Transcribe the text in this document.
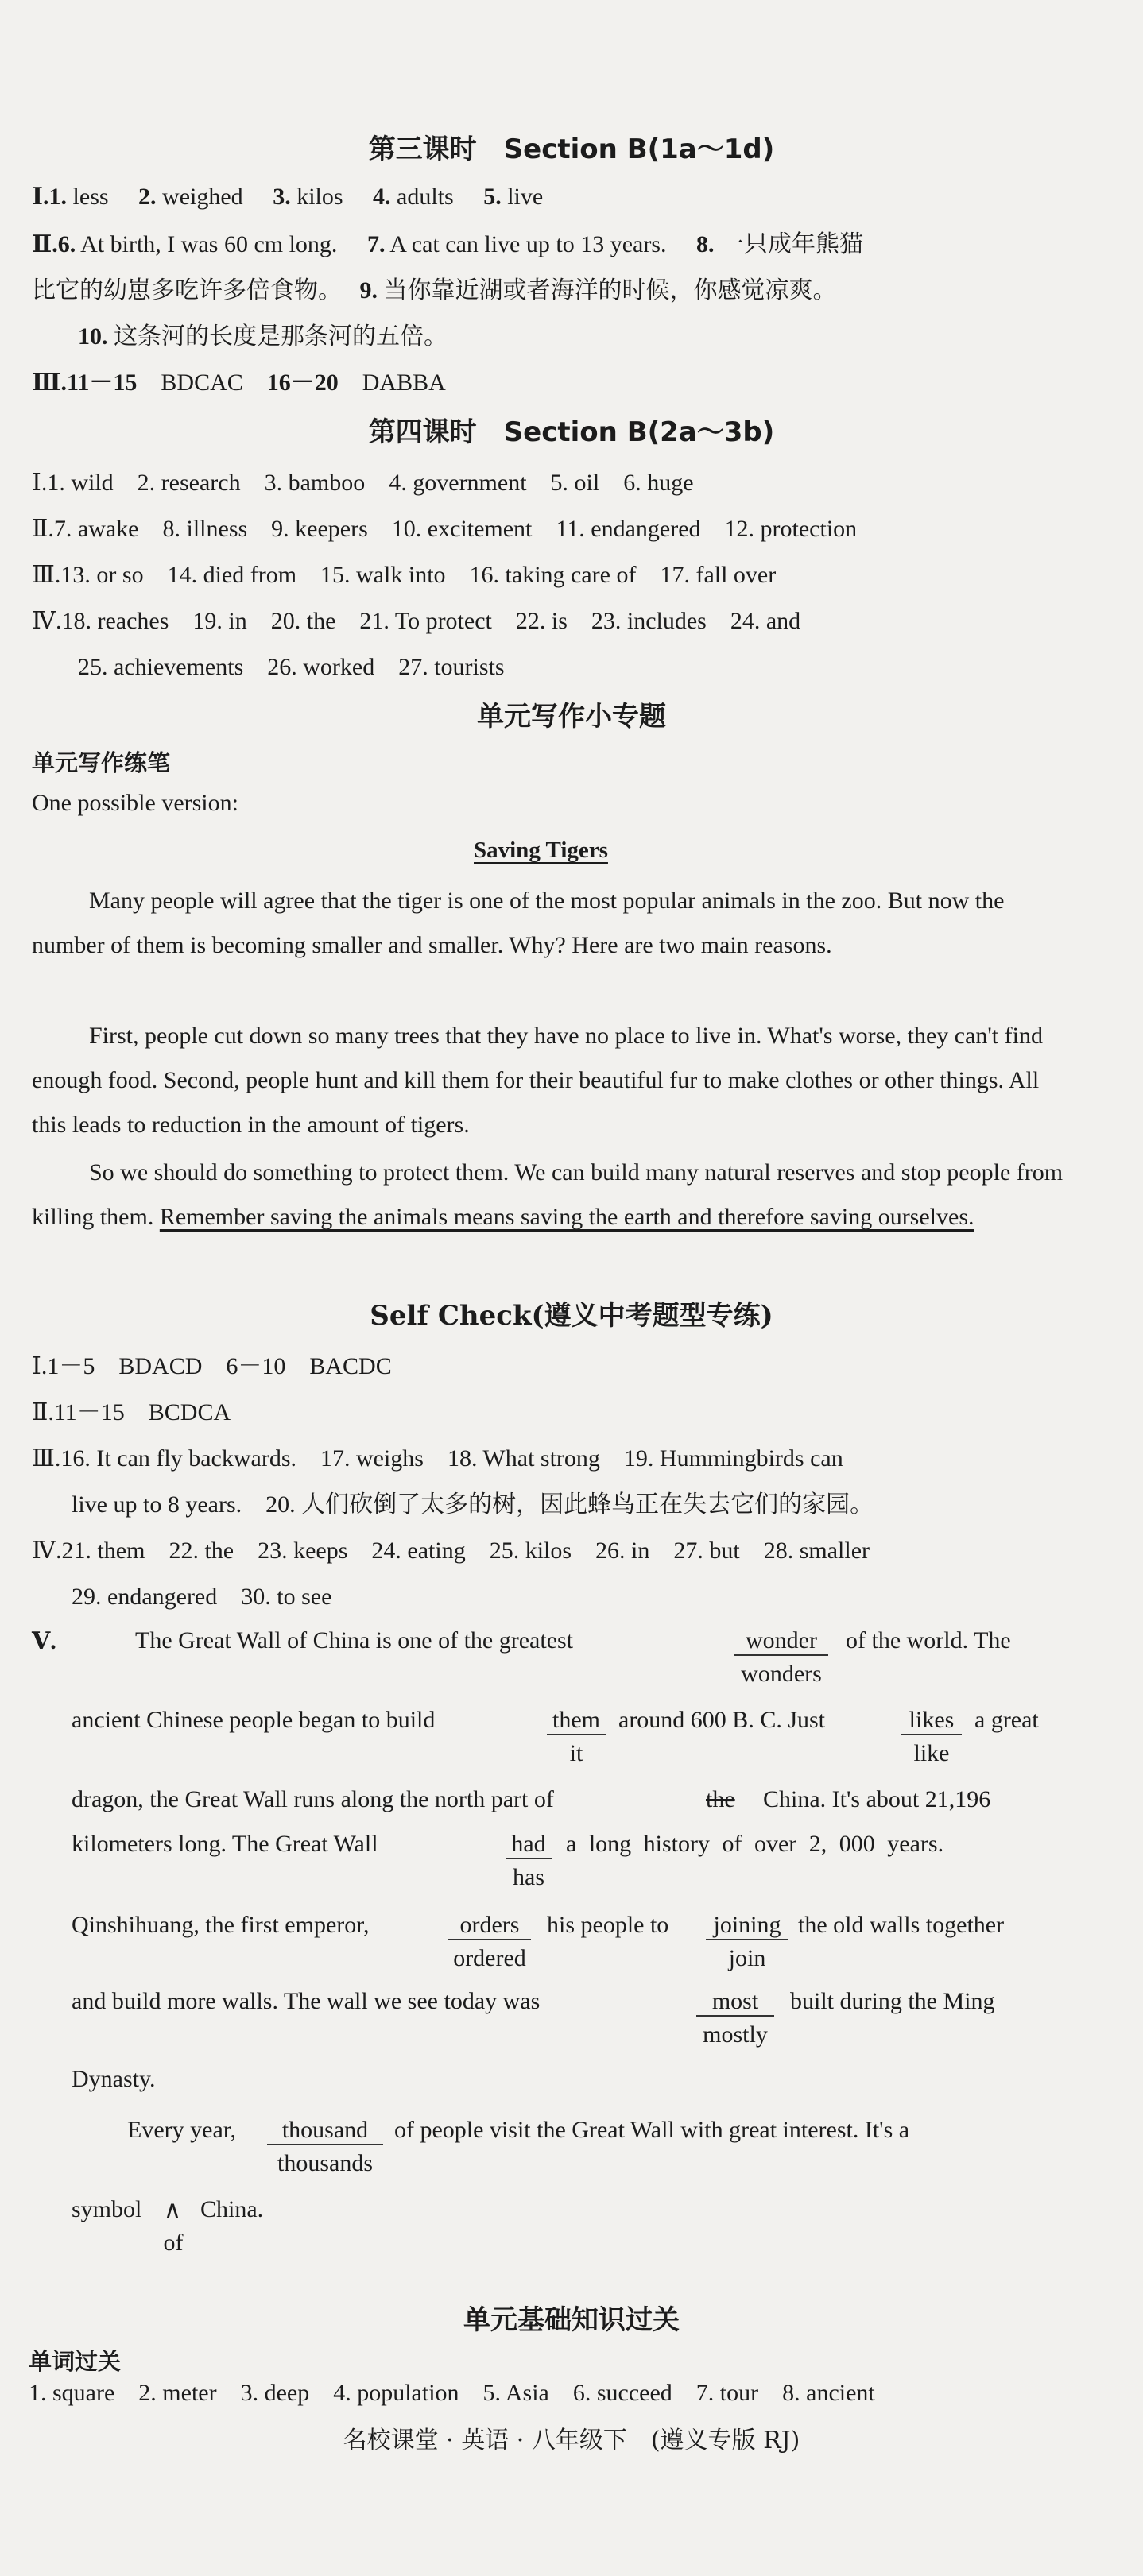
第三课时　Section B(1a～1d)
Ⅰ.1. less　 2. weighed　 3. kilos　 4. adults　 5. live
Ⅱ.6. At birth, I was 60 cm long.　 7. A cat can live up to 13 years.　 8. 一只成年熊猫
比它的幼崽多吃许多倍食物。　 9. 当你靠近湖或者海洋的时候，你感觉凉爽。
10. 这条河的长度是那条河的五倍。
Ⅲ.11－15　 BDCAC　 16－20　 DABBA
第四课时　Section B(2a～3b)
Ⅰ.1. wild　2. research　3. bamboo　4. government　5. oil　6. huge
Ⅱ.7. awake　8. illness　9. keepers　10. excitement　11. endangered　12. protection
Ⅲ.13. or so　14. died from　15. walk into　16. taking care of　17. fall over
Ⅳ.18. reaches　19. in　20. the　21. To protect　22. is　23. includes　24. and
25. achievements　26. worked　27. tourists
单元写作小专题
单元写作练笔
One possible version:
Saving Tigers
Many people will agree that the tiger is one of the most popular animals in the zoo. But now the number of them is becoming smaller and smaller. Why? Here are two main reasons.
First, people cut down so many trees that they have no place to live in. What's worse, they can't find enough food. Second, people hunt and kill them for their beautiful fur to make clothes or other things. All this leads to reduction in the amount of tigers.
So we should do something to protect them. We can build many natural reserves and stop people from killing them. Remember saving the animals means saving the earth and therefore saving ourselves.
Self Check(遵义中考题型专练)
Ⅰ.1－5　BDACD　6－10　BACDC
Ⅱ.11－15　BCDCA
Ⅲ.16. It can fly backwards.　17. weighs　18. What strong　19. Hummingbirds can
live up to 8 years.　20. 人们砍倒了太多的树，因此蜂鸟正在失去它们的家园。
Ⅳ.21. them　22. the　23. keeps　24. eating　25. kilos　26. in　27. but　28. smaller
29. endangered　30. to see
Ⅴ.	The Great Wall of China is one of the greatest	wonder
wonders
of the world. The
ancient Chinese people began to build	them
it
around 600 B. C. Just	likes
like
a great
dragon, the Great Wall runs along the north part of	the China. It's about 21,196
kilometers long. The Great Wall	had
has
a long history of over 2, 000 years.
Qinshihuang, the first emperor,	orders
ordered
his people to	joining
join
the old walls together
and build more walls. The wall we see today was	most
mostly
built during the Ming
Dynasty.
Every year,	thousand
thousands
of people visit the Great Wall with great interest. It's a
symbol ∧ China.
of
单元基础知识过关
单词过关
1. square　2. meter　3. deep　4. population　5. Asia　6. succeed　7. tour　8. ancient
名校课堂 · 英语 · 八年级下　(遵义专版 RJ)
